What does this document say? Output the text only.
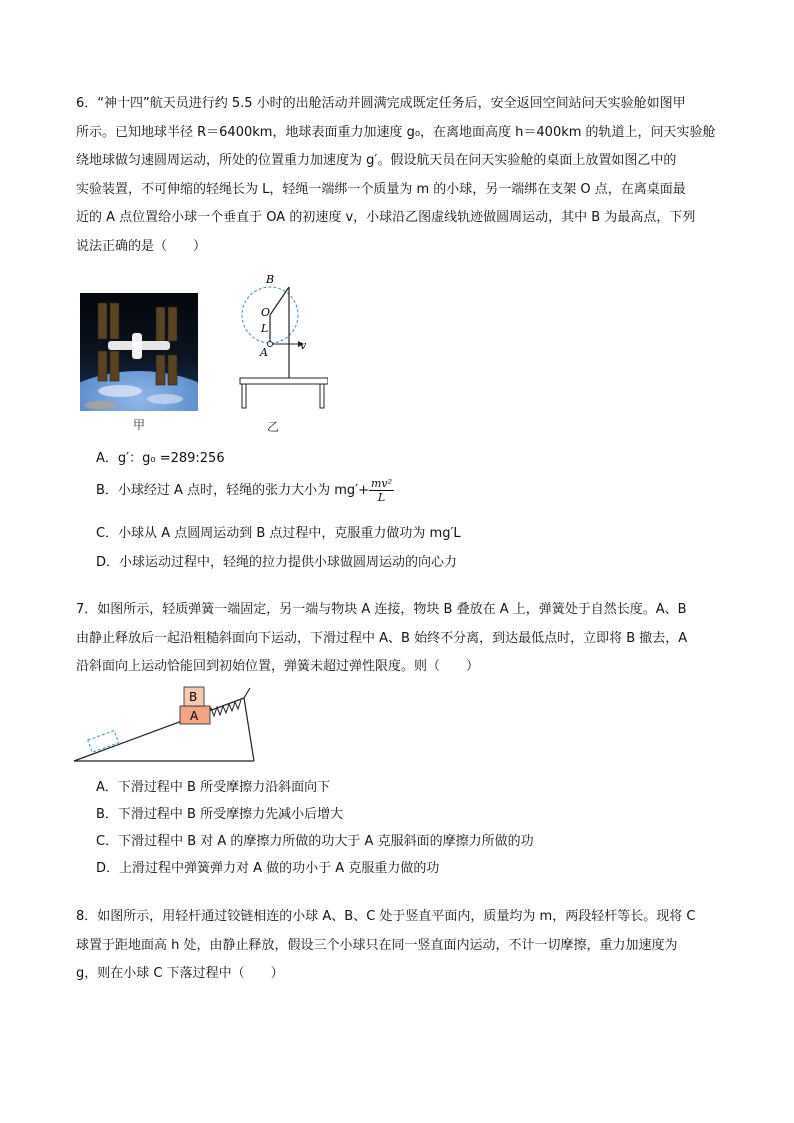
6．“神十四”航天员进行约 5.5 小时的出舱活动并圆满完成既定任务后，安全返回空间站问天实验舱如图甲
所示。已知地球半径 R＝6400km，地球表面重力加速度 g₀，在离地面高度 h＝400km 的轨道上，问天实验舱
绕地球做匀速圆周运动，所处的位置重力加速度为 g′。假设航天员在问天实验舱的桌面上放置如图乙中的
实验装置，不可伸缩的轻绳长为 L，轻绳一端绑一个质量为 m 的小球，另一端绑在支架 O 点，在离桌面最
近的 A 点位置给小球一个垂直于 OA 的初速度 v，小球沿乙图虚线轨迹做圆周运动，其中 B 为最高点，下列
说法正确的是（　　）
甲
B
O
L
A
v
乙
A．g′：g₀ =289:256
B．小球经过 A 点时，轻绳的张力大小为 $mg'+ \frac{\text{mv²}}{L}$
C．小球从 A 点圆周运动到 B 点过程中，克服重力做功为 mg′L
D．小球运动过程中，轻绳的拉力提供小球做圆周运动的向心力
7．如图所示，轻质弹簧一端固定，另一端与物块 A 连接，物块 B 叠放在 A 上，弹簧处于自然长度。A、B
由静止释放后一起沿粗糙斜面向下运动，下滑过程中 A、B 始终不分离，到达最低点时，立即将 B 撤去，A
沿斜面向上运动恰能回到初始位置，弹簧未超过弹性限度。则（　　）
A
B
A．下滑过程中 B 所受摩擦力沿斜面向下
B．下滑过程中 B 所受摩擦力先减小后增大
C．下滑过程中 B 对 A 的摩擦力所做的功大于 A 克服斜面的摩擦力所做的功
D．上滑过程中弹簧弹力对 A 做的功小于 A 克服重力做的功
8．如图所示，用轻杆通过铰链相连的小球 A、B、C 处于竖直平面内，质量均为 m，两段轻杆等长。现将 C
球置于距地面高 h 处，由静止释放，假设三个小球只在同一竖直面内运动，不计一切摩擦，重力加速度为
g，则在小球 C 下落过程中（　　）
